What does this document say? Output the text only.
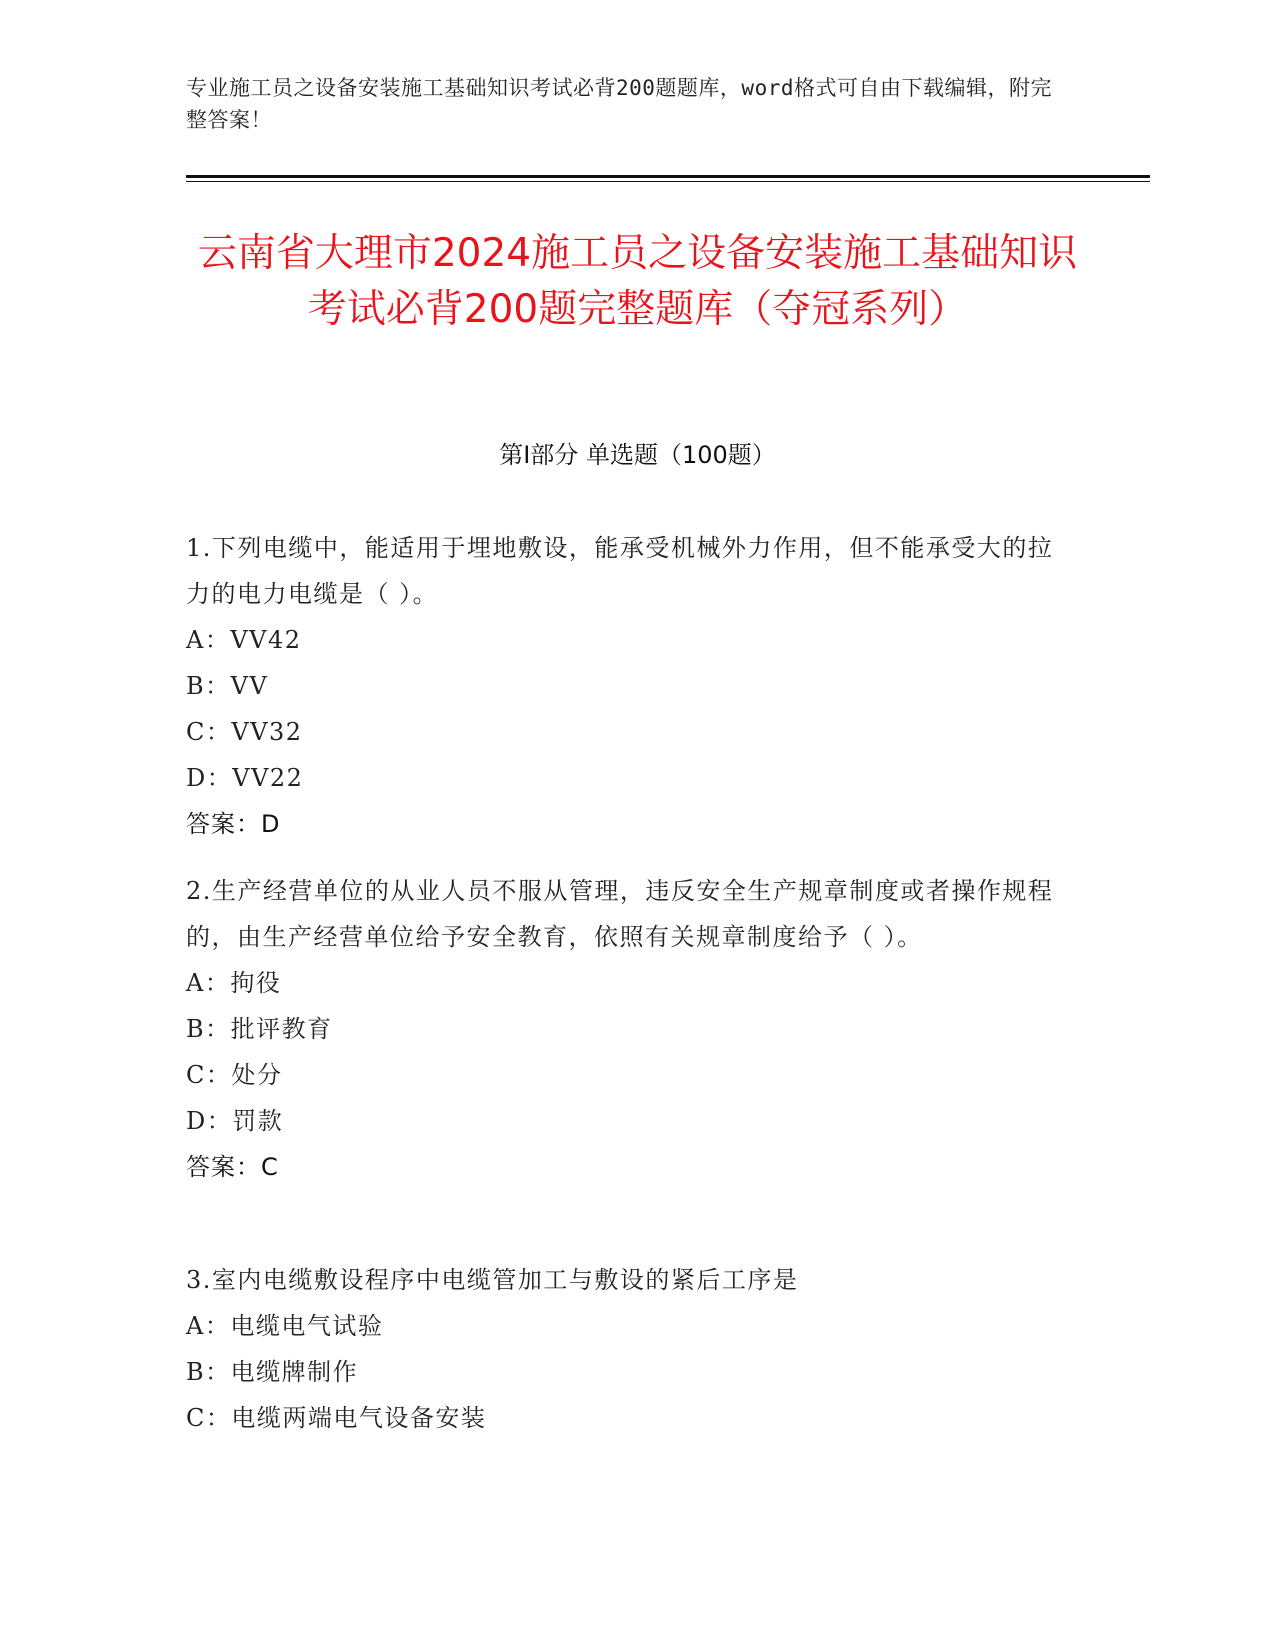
专业施工员之设备安装施工基础知识考试必背200题题库，word格式可自由下载编辑，附完整答案！
云南省大理市2024施工员之设备安装施工基础知识考试必背200题完整题库（夺冠系列）
第Ⅰ部分 单选题（100题）

1.下列电缆中，能适用于埋地敷设，能承受机械外力作用，但不能承受大的拉力的电力电缆是（ ）。

A：VV42

B：VV

C：VV32

D：VV22

答案：D

2.生产经营单位的从业人员不服从管理，违反安全生产规章制度或者操作规程的，由生产经营单位给予安全教育，依照有关规章制度给予（ ）。

A：拘役

B：批评教育

C：处分

D：罚款

答案：C

3.室内电缆敷设程序中电缆管加工与敷设的紧后工序是

A：电缆电气试验

B：电缆牌制作

C：电缆两端电气设备安装
